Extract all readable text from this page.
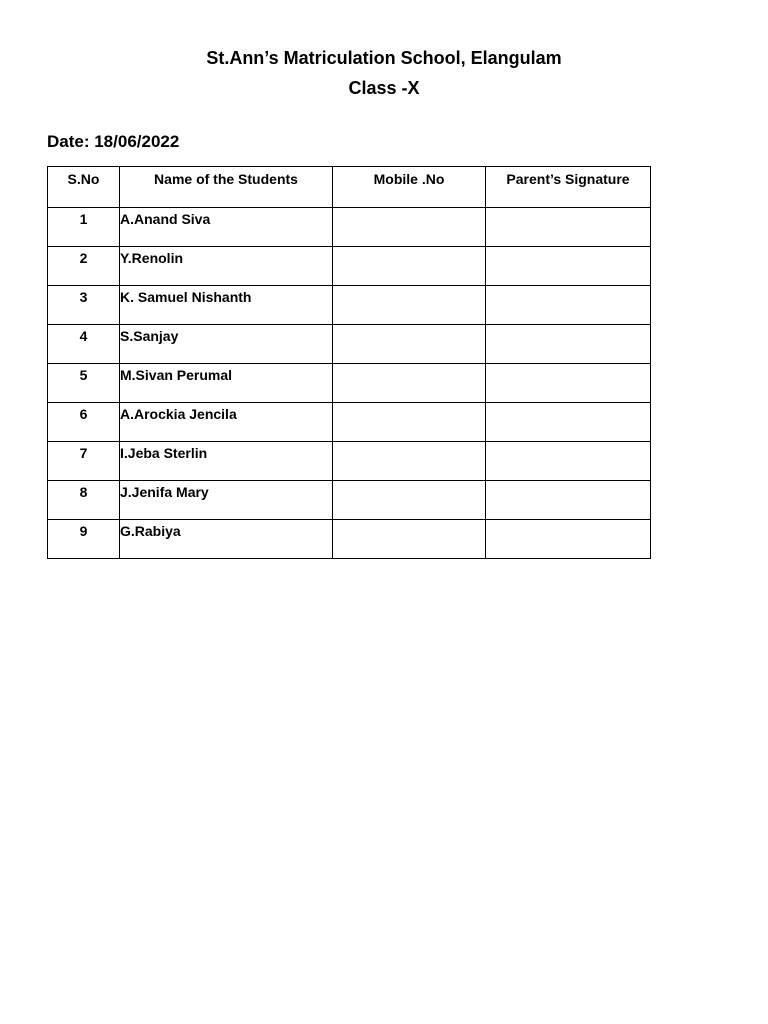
St.Ann’s Matriculation School, Elangulam
Class -X
Date: 18/06/2022
S.No	Name of the Students	Mobile .No	Parent’s Signature
1	A.Anand Siva		
2	Y.Renolin		
3	K. Samuel Nishanth		
4	S.Sanjay		
5	M.Sivan Perumal		
6	A.Arockia Jencila		
7	I.Jeba Sterlin		
8	J.Jenifa Mary		
9	G.Rabiya		
